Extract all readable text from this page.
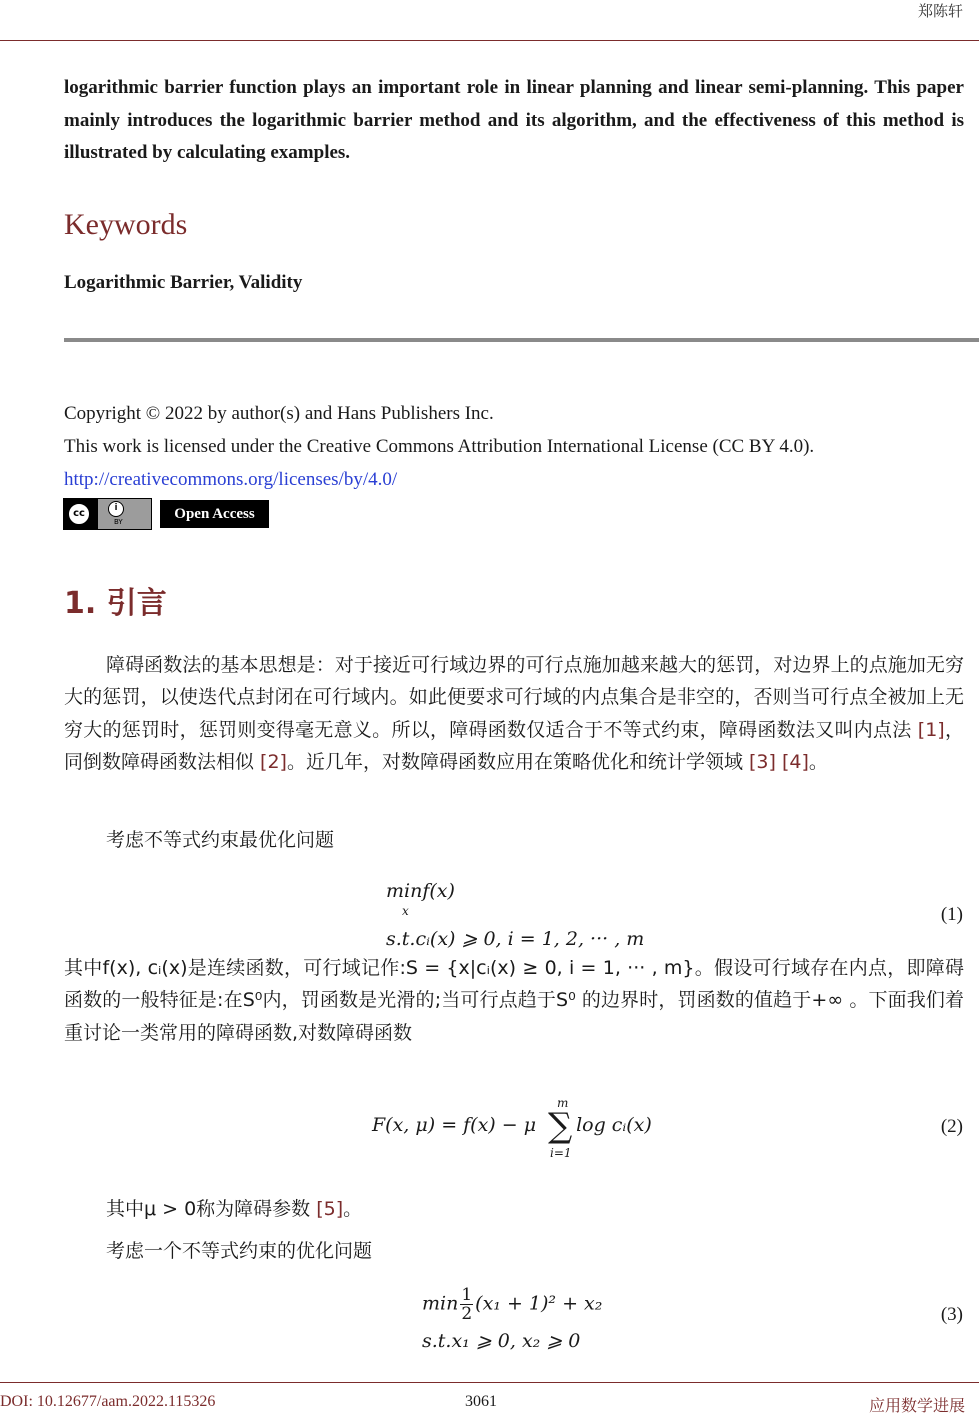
郑陈轩
logarithmic barrier function plays an important role in linear planning and linear semi-planning. This paper mainly introduces the logarithmic barrier method and its algorithm, and the effectiveness of this method is illustrated by calculating examples.
Keywords
Logarithmic Barrier, Validity
Copyright © 2022 by author(s) and Hans Publishers Inc.
This work is licensed under the Creative Commons Attribution International License (CC BY 4.0).
http://creativecommons.org/licenses/by/4.0/
cc	i
BY	Open Access
1. 引言
障碍函数法的基本思想是：对于接近可行域边界的可行点施加越来越大的惩罚，对边界上的点施加无穷大的惩罚，以使迭代点封闭在可行域内。如此便要求可行域的内点集合是非空的，否则当可行点全被加上无穷大的惩罚时，惩罚则变得毫无意义。所以，障碍函数仅适合于不等式约束，障碍函数法又叫内点法 [1]，同倒数障碍函数法相似 [2]。近几年，对数障碍函数应用在策略优化和统计学领域 [3] [4]。
考虑不等式约束最优化问题
minf(x)
x
s.t.cᵢ(x) ⩾ 0, i = 1, 2, ··· , m
(1)
其中f(x), cᵢ(x)是连续函数，可行域记作:S = {x|cᵢ(x) ≥ 0, i = 1, ··· , m}。假设可行域存在内点，即障碍函数的一般特征是:在S⁰内，罚函数是光滑的;当可行点趋于S⁰ 的边界时，罚函数的值趋于+∞ 。下面我们着重讨论一类常用的障碍函数,对数障碍函数
F(x, μ) = f(x) − μ log cᵢ(x)
m
∑
i=1
(2)
其中μ > 0称为障碍参数 [5]。
考虑一个不等式约束的优化问题
$\min \frac{1}{2} (x_1 + 1)^2 + x_2$
s.t.x₁ ⩾ 0, x₂ ⩾ 0
(3)
DOI: 10.12677/aam.2022.115326	3061	应用数学进展
